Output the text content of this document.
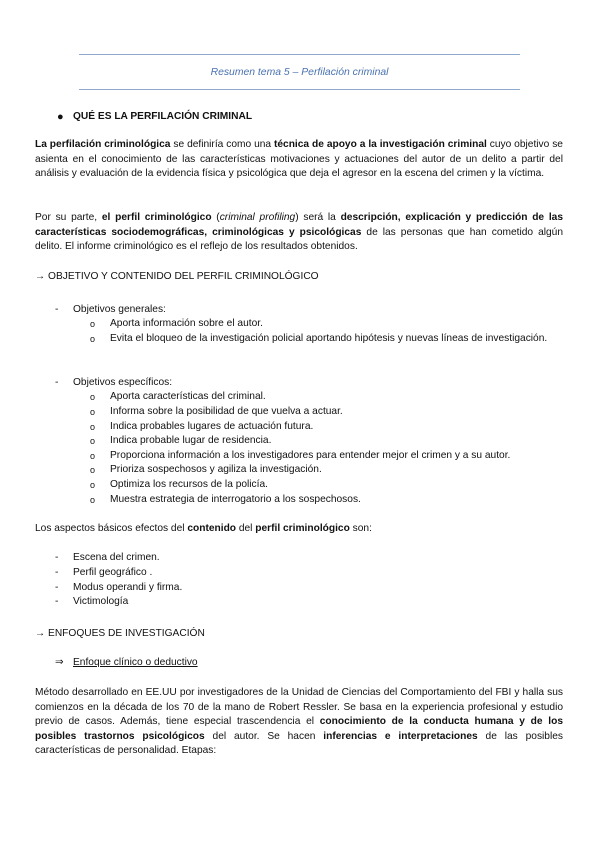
Resumen tema 5 – Perfilación criminal
● QUÉ ES LA PERFILACIÓN CRIMINAL
La perfilación criminológica se definiría como una técnica de apoyo a la investigación criminal cuyo objetivo se asienta en el conocimiento de las características motivaciones y actuaciones del autor de un delito a partir del análisis y evaluación de la evidencia física y psicológica que deja el agresor en la escena del crimen y la víctima.
Por su parte, el perfil criminológico (criminal profiling) será la descripción, explicación y predicción de las características sociodemográficas, criminológicas y psicológicas de las personas que han cometido algún delito. El informe criminológico es el reflejo de los resultados obtenidos.
→ OBJETIVO Y CONTENIDO DEL PERFIL CRIMINOLÓGICO
- Objetivos generales:
o Aporta información sobre el autor.
o Evita el bloqueo de la investigación policial aportando hipótesis y nuevas líneas de investigación.
- Objetivos específicos:
o Aporta características del criminal.
o Informa sobre la posibilidad de que vuelva a actuar.
o Indica probables lugares de actuación futura.
o Indica probable lugar de residencia.
o Proporciona información a los investigadores para entender mejor el crimen y a su autor.
o Prioriza sospechosos y agiliza la investigación.
o Optimiza los recursos de la policía.
o Muestra estrategia de interrogatorio a los sospechosos.
Los aspectos básicos efectos del contenido del perfil criminológico son:
- Escena del crimen.
- Perfil geográfico .
- Modus operandi y firma.
- Victimología
→ ENFOQUES DE INVESTIGACIÓN
⇒ Enfoque clínico o deductivo
Método desarrollado en EE.UU por investigadores de la Unidad de Ciencias del Comportamiento del FBI y halla sus comienzos en la década de los 70 de la mano de Robert Ressler. Se basa en la experiencia profesional y estudio previo de casos. Además, tiene especial trascendencia el conocimiento de la conducta humana y de los posibles trastornos psicológicos del autor. Se hacen inferencias e interpretaciones de las posibles características de personalidad. Etapas:
